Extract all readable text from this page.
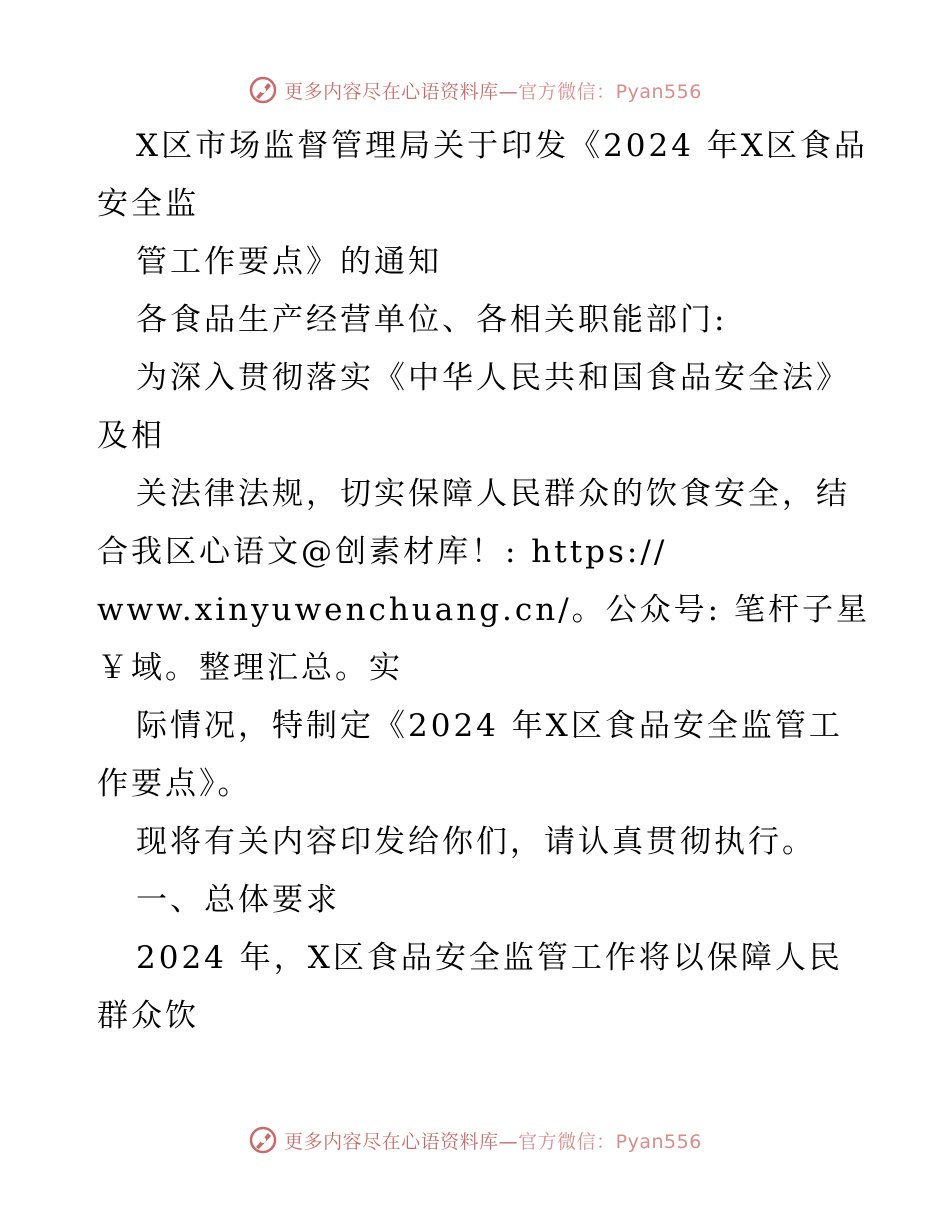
更多内容尽在心语资料库—官方微信：Pyan556
X区市场监督管理局关于印发《2024 年X区食品
安全监
管工作要点》的通知
各食品生产经营单位、各相关职能部门:
为深入贯彻落实《中华人民共和国食品安全法》
及相
关法律法规，切实保障人民群众的饮食安全，结
合我区心语文@创素材库！: https://
www.xinyuwenchuang.cn/。公众号: 笔杆子星
￥域。整理汇总。实
际情况，特制定《2024 年X区食品安全监管工
作要点》。
现将有关内容印发给你们，请认真贯彻执行。
一、总体要求
2024 年，X区食品安全监管工作将以保障人民
群众饮
更多内容尽在心语资料库—官方微信：Pyan556
